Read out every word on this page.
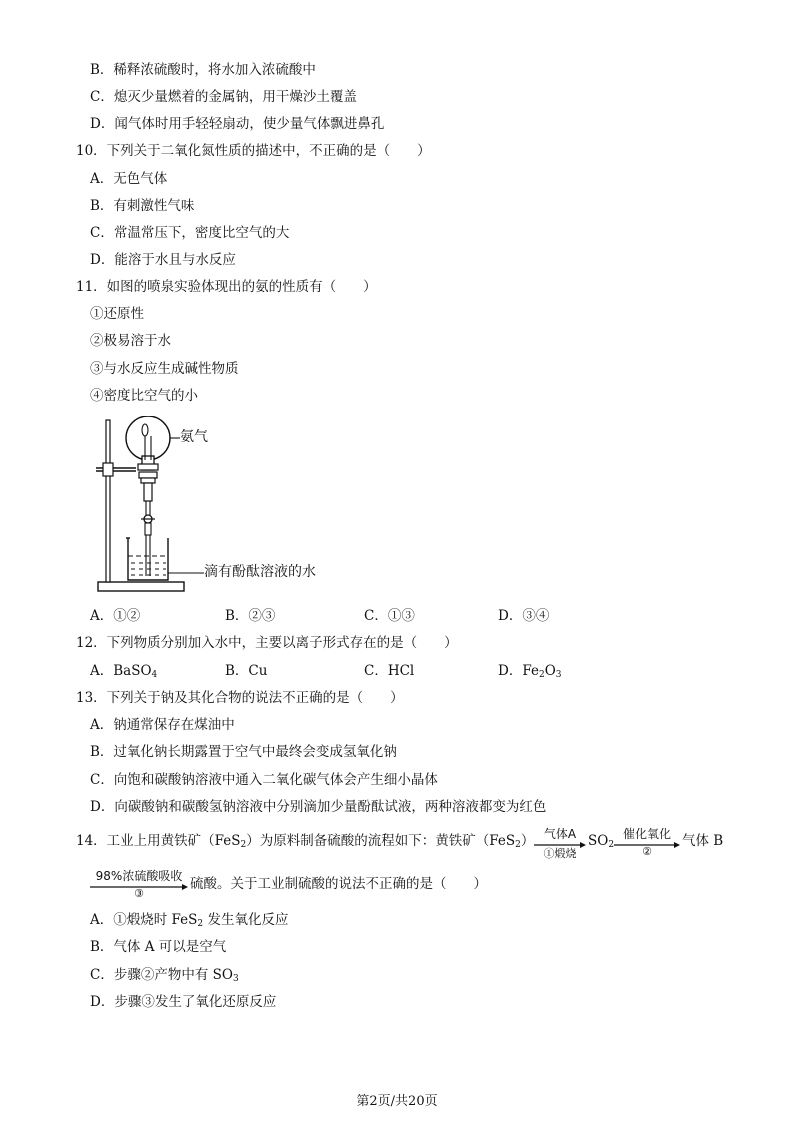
B．稀释浓硫酸时，将水加入浓硫酸中
C．熄灭少量燃着的金属钠，用干燥沙土覆盖
D．闻气体时用手轻轻扇动，使少量气体飘进鼻孔
10．下列关于二氧化氮性质的描述中，不正确的是（　　）
A．无色气体
B．有刺激性气味
C．常温常压下，密度比空气的大
D．能溶于水且与水反应
11．如图的喷泉实验体现出的氨的性质有（　　）
①还原性
②极易溶于水
③与水反应生成碱性物质
④密度比空气的小
氨气
滴有酚酞溶液的水
A．①②	B．②③	C．①③	D．③④
12．下列物质分别加入水中，主要以离子形式存在的是（　　）
A．BaSO$_4$	B．Cu	C．HCl	D．$Fe_2O_3$
13．下列关于钠及其化合物的说法不正确的是（　　）
A．钠通常保存在煤油中
B．过氧化钠长期露置于空气中最终会变成氢氧化钠
C．向饱和碳酸钠溶液中通入二氧化碳气体会产生细小晶体
D．向碳酸钠和碳酸氢钠溶液中分别滴加少量酚酞试液，两种溶液都变为红色
14．工业上用黄铁矿（FeS$_2$）为原料制备硫酸的流程如下：黄铁矿（FeS$_2$） 气体A
①煅烧
$SO_2$
催化氧化
②
气体 B
98%浓硫酸吸收
③
硫酸。关于工业制硫酸的说法不正确的是（　　）
A．①煅烧时 FeS$_2$ 发生氧化反应
B．气体 A 可以是空气
C．步骤②产物中有 $SO_3$
D．步骤③发生了氧化还原反应
第2页/共20页
